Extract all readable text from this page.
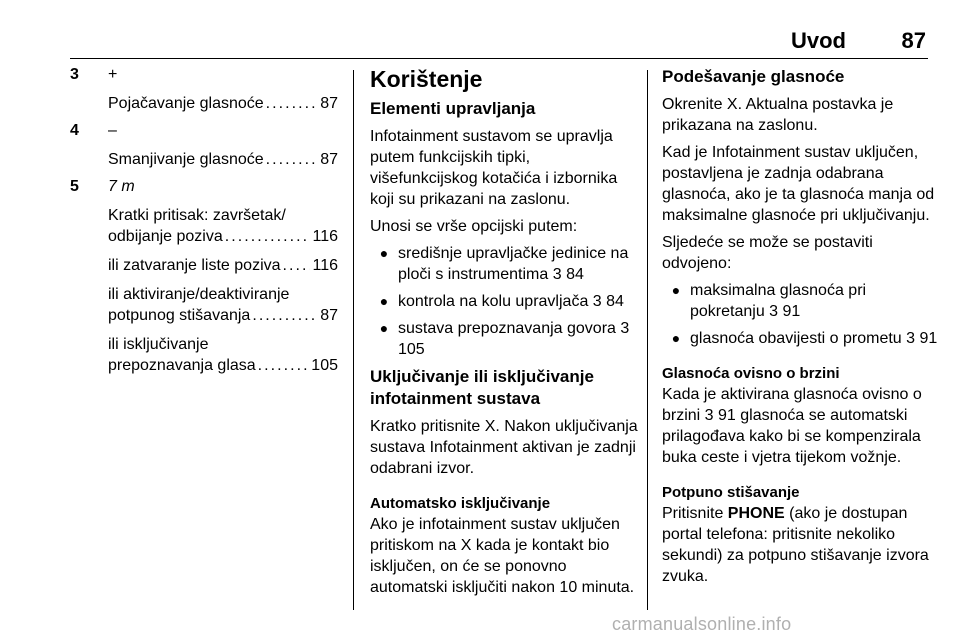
Uvod	87
3 +
Pojačavanje glasnoće . . .	87
4 –
Smanjivanje glasnoće . . .	87
5 7 m
Kratki pritisak: završetak/
odbijanje poziva . . .	116
ili zatvaranje liste poziva . . . 116
ili aktiviranje/deaktiviranje
potpunog stišavanja . . .	87
ili isključivanje
prepoznavanja glasa . . .	105
Korištenje
Elementi upravljanja

Infotainment sustavom se upravlja putem funkcijskih tipki, višefunkcijskog kotačića i izbornika koji su prikazani na zaslonu.

Unosi se vrše opcijski putem:

● središnje upravljačke jedinice na ploči s instrumentima 3 84
● kontrola na kolu upravljača 3 84
● sustava prepoznavanja govora 3 105
Uključivanje ili isključivanje infotainment sustava

Kratko pritisnite X. Nakon uključivanja sustava Infotainment aktivan je zadnji odabrani izvor.

Automatsko isključivanje

Ako je infotainment sustav uključen pritiskom na X kada je kontakt bio isključen, on će se ponovno automatski isključiti nakon 10 minuta.

Podešavanje glasnoće

Okrenite X. Aktualna postavka je prikazana na zaslonu.

Kad je Infotainment sustav uključen, postavljena je zadnja odabrana glasnoća, ako je ta glasnoća manja od maksimalne glasnoće pri uključivanju.

Sljedeće se može se postaviti odvojeno:

● maksimalna glasnoća pri pokretanju 3 91
● glasnoća obavijesti o prometu 3 91
Glasnoća ovisno o brzini

Kada je aktivirana glasnoća ovisno o brzini 3 91 glasnoća se automatski prilagođava kako bi se kompenzirala buka ceste i vjetra tijekom vožnje.

Potpuno stišavanje

Pritisnite PHONE (ako je dostupan portal telefona: pritisnite nekoliko sekundi) za potpuno stišavanje izvora zvuka.

carmanualsonline.info
